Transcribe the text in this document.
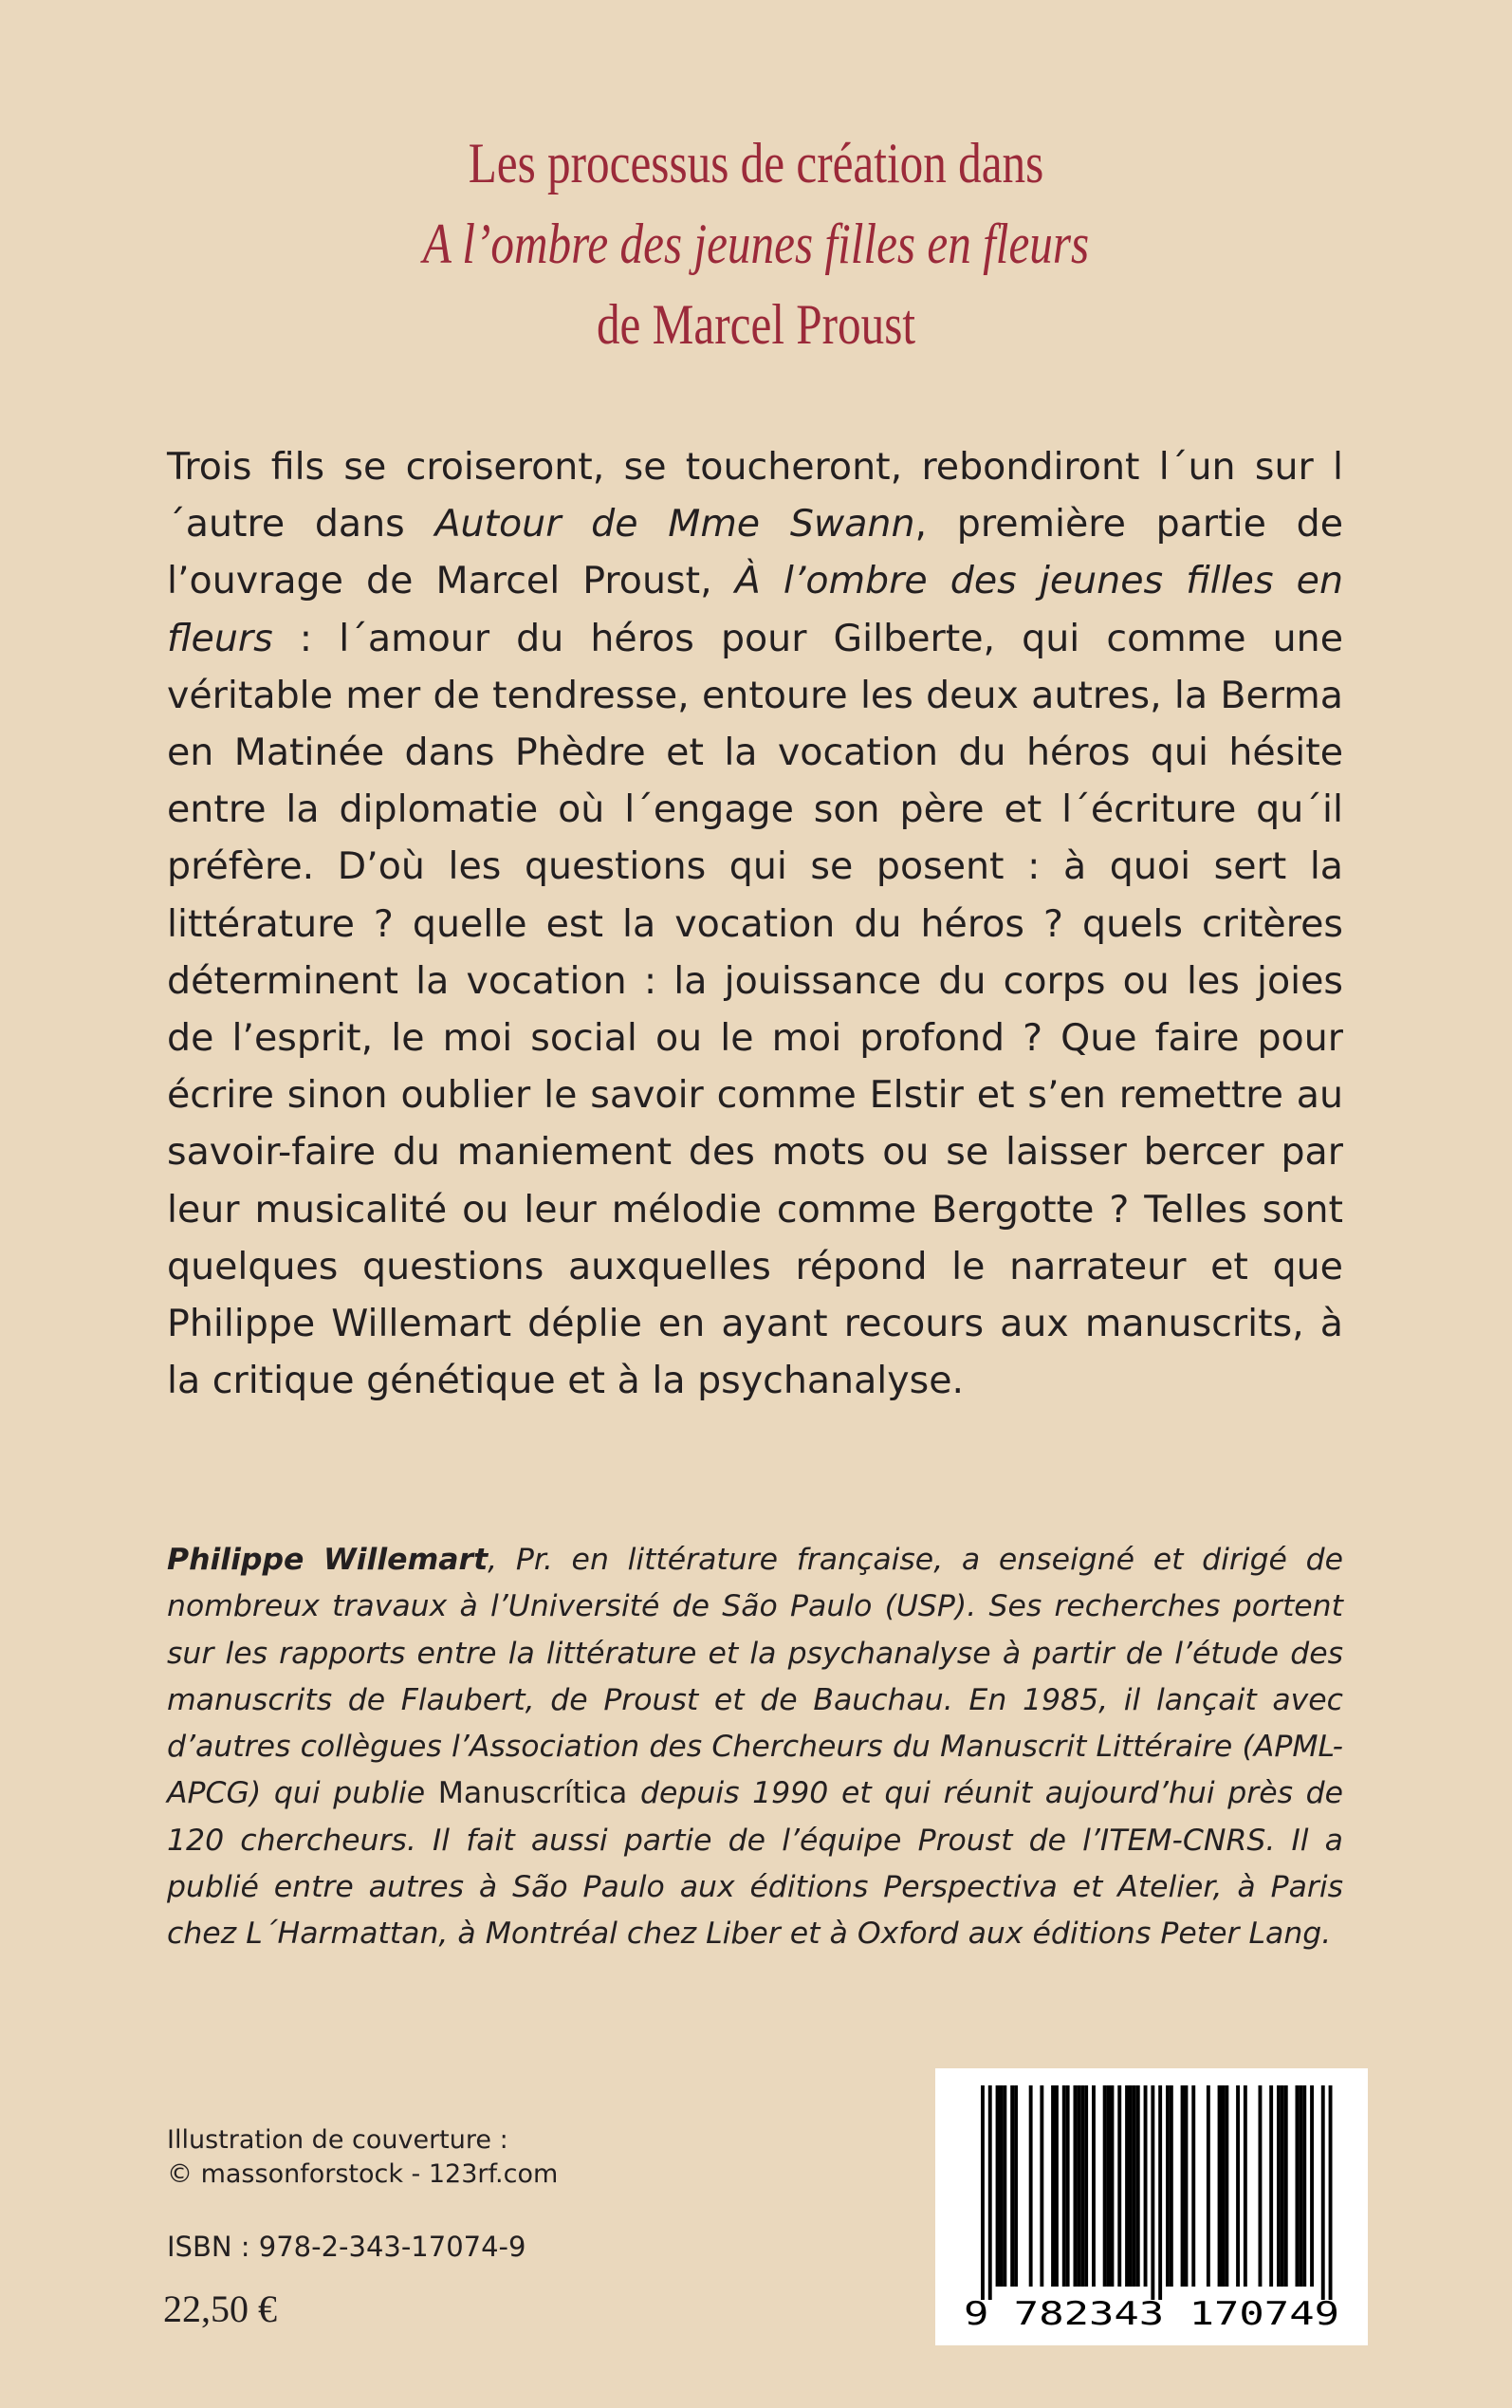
Les processus de création dans
A l’ombre des jeunes filles en fleurs
de Marcel Proust
Trois fils se croiseront, se toucheront, rebondiront l´un sur l´autre dans Autour de Mme Swann, première partie de l’ouvrage de Marcel Proust, À l’ombre des jeunes filles en fleurs : l´amour du héros pour Gilberte, qui comme une véritable mer de tendresse, entoure les deux autres, la Berma en Matinée dans Phèdre et la vocation du héros qui hésite entre la diplomatie où l´engage son père et l´écriture qu´il préfère. D’où les questions qui se posent : à quoi sert la littérature ? quelle est la vocation du héros ? quels critères déterminent la vocation : la jouissance du corps ou les joies de l’esprit, le moi social ou le moi profond ? Que faire pour écrire sinon oublier le savoir comme Elstir et s’en remettre au savoir-faire du maniement des mots ou se laisser bercer par leur musicalité ou leur mélodie comme Bergotte ? Telles sont quelques questions auxquelles répond le narrateur et que Philippe Willemart déplie en ayant recours aux manuscrits, à la critique génétique et à la psychanalyse.
Philippe Willemart, Pr. en littérature française, a enseigné et dirigé de nombreux travaux à l’Université de São Paulo (USP). Ses recherches portent sur les rapports entre la littérature et la psychanalyse à partir de l’étude des manuscrits de Flaubert, de Proust et de Bauchau. En 1985, il lançait avec d’autres collègues l’Association des Chercheurs du Manuscrit Littéraire (APML-APCG) qui publie Manuscrítica depuis 1990 et qui réunit aujourd’hui près de 120 chercheurs. Il fait aussi partie de l’équipe Proust de l’ITEM-CNRS. Il a publié entre autres à São Paulo aux éditions Perspectiva et Atelier, à Paris chez L´Harmattan, à Montréal chez Liber et à Oxford aux éditions Peter Lang.
Illustration de couverture :
© massonforstock - 123rf.com
ISBN : 978-2-343-17074-9
22,50 €	9 782343 170749
